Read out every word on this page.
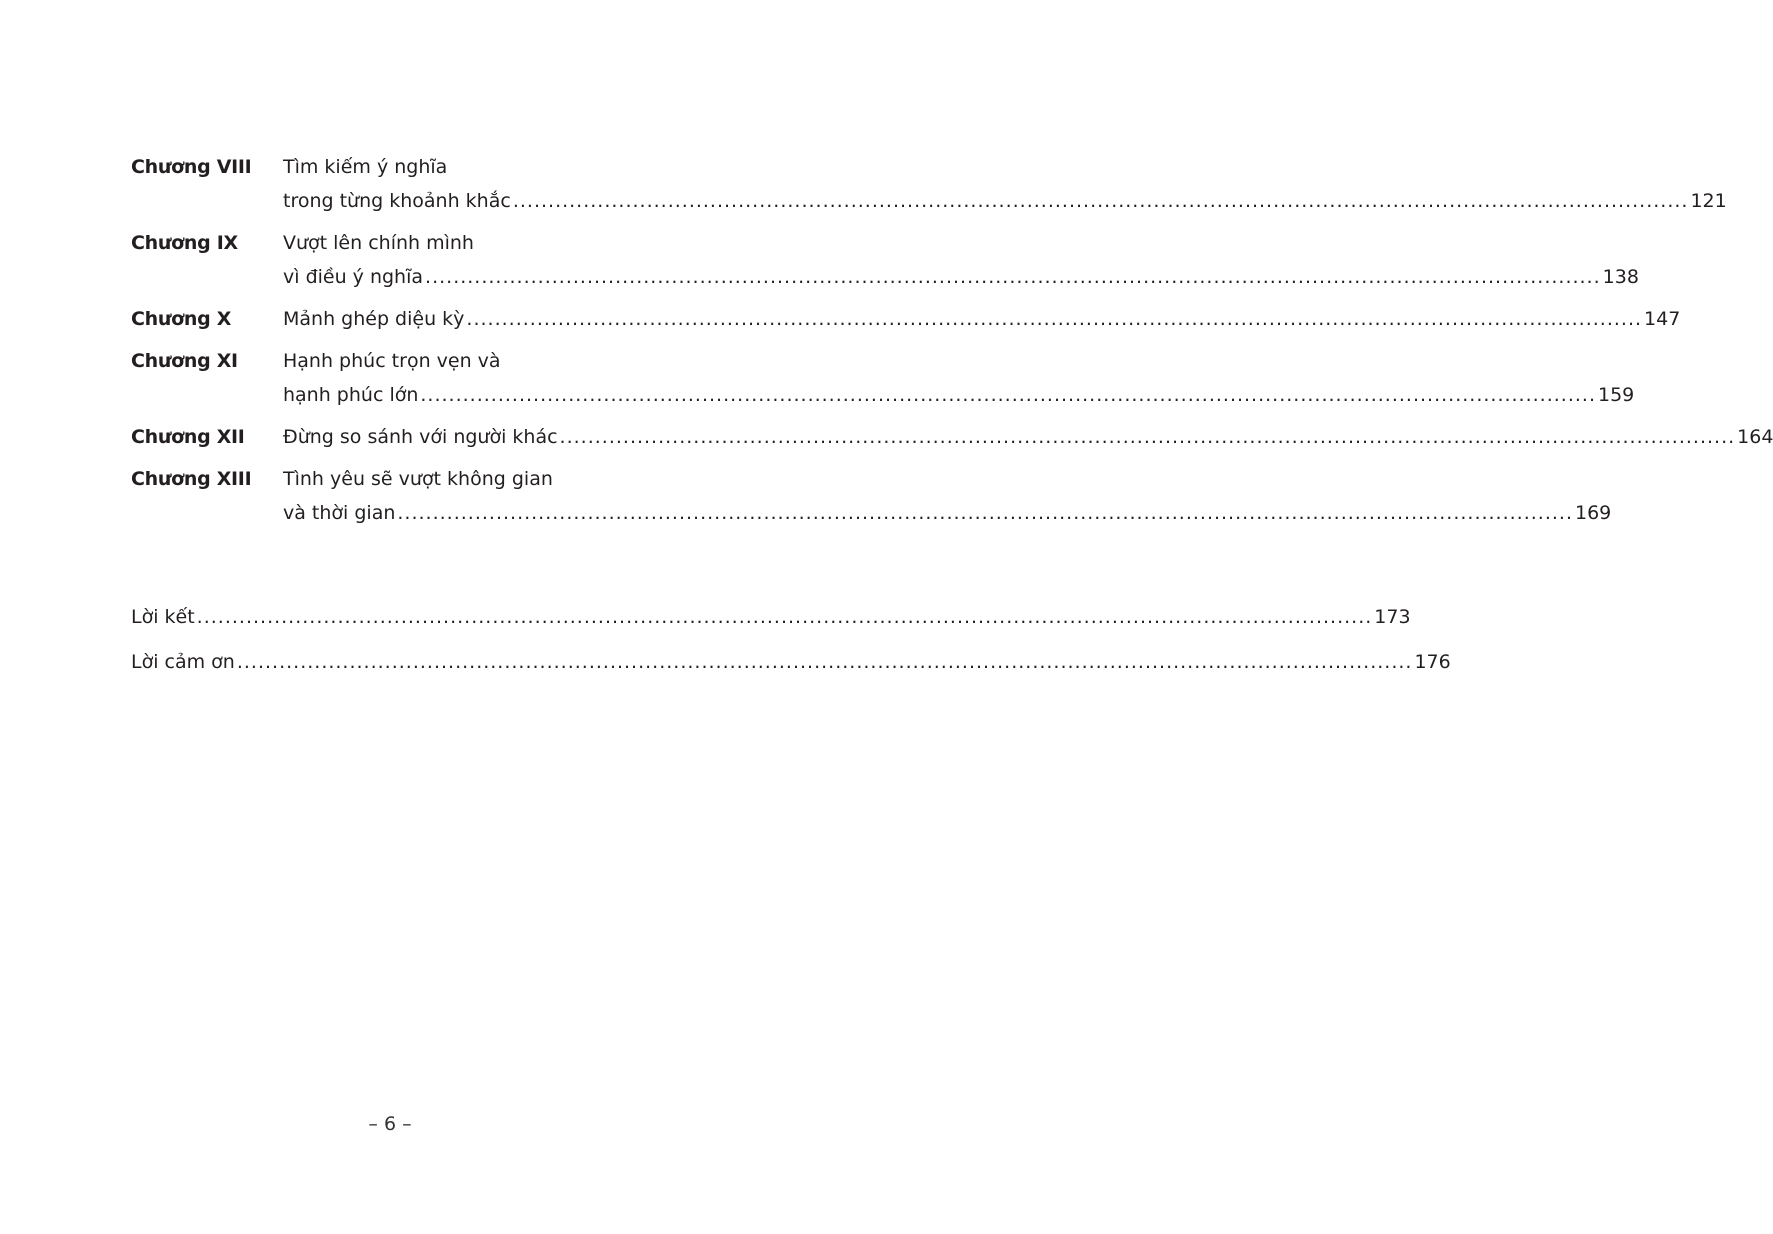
Chương VIII	Tìm kiếm ý nghĩa
trong từng khoảnh khắc .....	121
Chương IX	Vượt lên chính mình
vì điều ý nghĩa .....	138
Chương X	Mảnh ghép diệu kỳ .....	147
Chương XI	Hạnh phúc trọn vẹn và
hạnh phúc lớn .....	159
Chương XII	Đừng so sánh với người khác .....	164
Chương XIII	Tình yêu sẽ vượt không gian
và thời gian .....	169
Lời kết .....	173
Lời cảm ơn .....	176
– 6 –
